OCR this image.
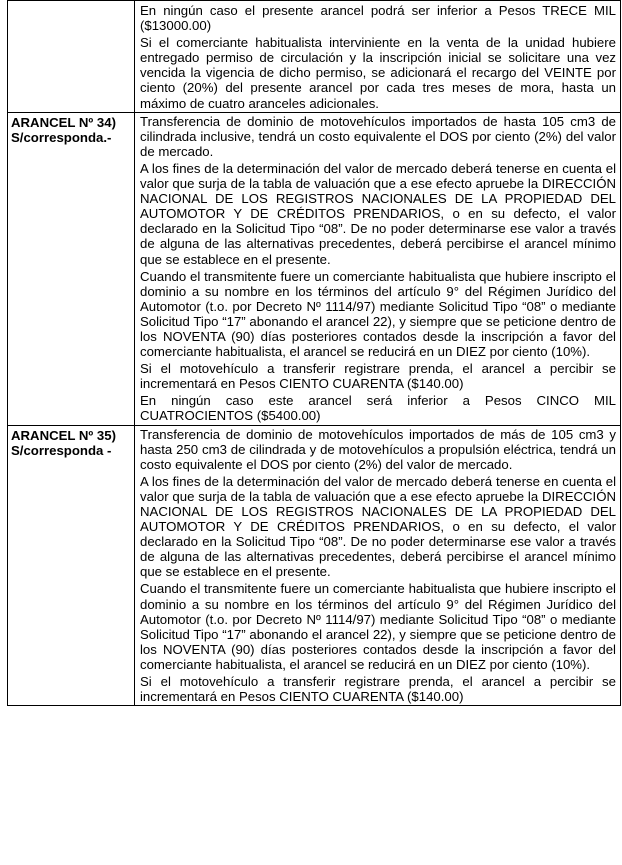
	En ningún caso el presente arancel podrá ser inferior a Pesos TRECE MIL ($13000.00)
Si el comerciante habitualista interviniente en la venta de la unidad hubiere entregado permiso de circulación y la inscripción inicial se solicitare una vez vencida la vigencia de dicho permiso, se adicionará el recargo del VEINTE por ciento (20%) del presente arancel por cada tres meses de mora, hasta un máximo de cuatro aranceles adicionales.

ARANCEL Nº 34) S/corresponda.-	Transferencia de dominio de motovehículos importados de hasta 105 cm3 de cilindrada inclusive, tendrá un costo equivalente el DOS por ciento (2%) del valor de mercado.
A los fines de la determinación del valor de mercado deberá tenerse en cuenta el valor que surja de la tabla de valuación que a ese efecto apruebe la DIRECCIÓN NACIONAL DE LOS REGISTROS NACIONALES DE LA PROPIEDAD DEL AUTOMOTOR Y DE CRÉDITOS PRENDARIOS, o en su defecto, el valor declarado en la Solicitud Tipo “08”. De no poder determinarse ese valor a través de alguna de las alternativas precedentes, deberá percibirse el arancel mínimo que se establece en el presente.
Cuando el transmitente fuere un comerciante habitualista que hubiere inscripto el dominio a su nombre en los términos del artículo 9° del Régimen Jurídico del Automotor (t.o. por Decreto Nº 1114/97) mediante Solicitud Tipo “08” o mediante Solicitud Tipo “17” abonando el arancel 22), y siempre que se peticione dentro de los NOVENTA (90) días posteriores contados desde la inscripción a favor del comerciante habitualista, el arancel se reducirá en un DIEZ por ciento (10%).
Si el motovehículo a transferir registrare prenda, el arancel a percibir se incrementará en Pesos CIENTO CUARENTA ($140.00)
En ningún caso este arancel será inferior a Pesos CINCO MIL CUATROCIENTOS ($5400.00)

ARANCEL Nº 35) S/corresponda -	Transferencia de dominio de motovehículos importados de más de 105 cm3 y hasta 250 cm3 de cilindrada y de motovehículos a propulsión eléctrica, tendrá un costo equivalente el DOS por ciento (2%) del valor de mercado.
A los fines de la determinación del valor de mercado deberá tenerse en cuenta el valor que surja de la tabla de valuación que a ese efecto apruebe la DIRECCIÓN NACIONAL DE LOS REGISTROS NACIONALES DE LA PROPIEDAD DEL AUTOMOTOR Y DE CRÉDITOS PRENDARIOS, o en su defecto, el valor declarado en la Solicitud Tipo “08”. De no poder determinarse ese valor a través de alguna de las alternativas precedentes, deberá percibirse el arancel mínimo que se establece en el presente.
Cuando el transmitente fuere un comerciante habitualista que hubiere inscripto el dominio a su nombre en los términos del artículo 9° del Régimen Jurídico del Automotor (t.o. por Decreto Nº 1114/97) mediante Solicitud Tipo “08” o mediante Solicitud Tipo “17” abonando el arancel 22), y siempre que se peticione dentro de los NOVENTA (90) días posteriores contados desde la inscripción a favor del comerciante habitualista, el arancel se reducirá en un DIEZ por ciento (10%).
Si el motovehículo a transferir registrare prenda, el arancel a percibir se incrementará en Pesos CIENTO CUARENTA ($140.00)
